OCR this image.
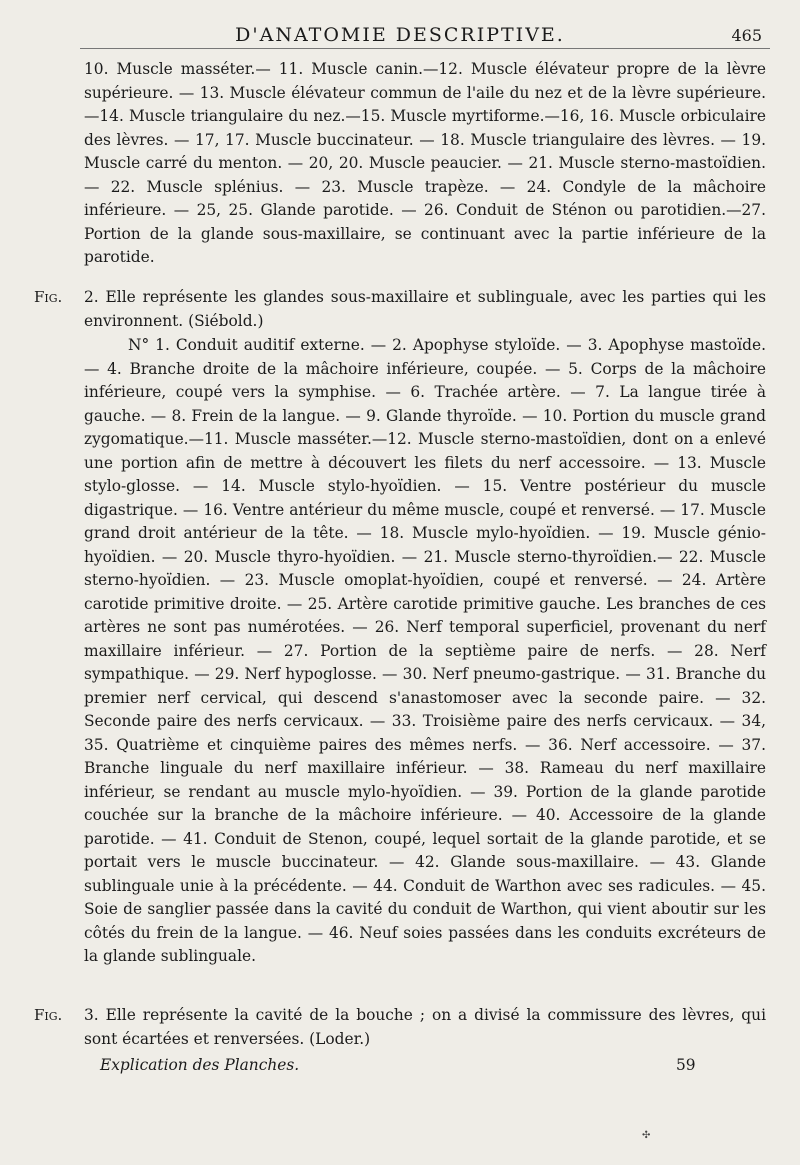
D'ANATOMIE DESCRIPTIVE.	465
10. Muscle masséter.— 11. Muscle canin.—12. Muscle élévateur propre de la lèvre supérieure. — 13. Muscle élévateur commun de l'aile du nez et de la lèvre supérieure.—14. Muscle triangulaire du nez.—15. Muscle myrtiforme.—16, 16. Muscle orbiculaire des lèvres. — 17, 17. Muscle buccinateur. — 18. Muscle triangulaire des lèvres. — 19. Muscle carré du menton. — 20, 20. Muscle peaucier. — 21. Muscle sterno-mastoïdien. — 22. Muscle splénius. — 23. Muscle trapèze. — 24. Condyle de la mâchoire inférieure. — 25, 25. Glande parotide. — 26. Conduit de Sténon ou parotidien.—27. Portion de la glande sous-maxillaire, se continuant avec la partie inférieure de la parotide.
Fig. 2. Elle représente les glandes sous-maxillaire et sublinguale, avec les parties qui les environnent. (Siébold.)
N° 1. Conduit auditif externe. — 2. Apophyse styloïde. — 3. Apophyse mastoïde. — 4. Branche droite de la mâchoire inférieure, coupée. — 5. Corps de la mâchoire inférieure, coupé vers la symphise. — 6. Trachée artère. — 7. La langue tirée à gauche. — 8. Frein de la langue. — 9. Glande thyroïde. — 10. Portion du muscle grand zygomatique.—11. Muscle masséter.—12. Muscle sterno-mastoïdien, dont on a enlevé une portion afin de mettre à découvert les filets du nerf accessoire. — 13. Muscle stylo-glosse. — 14. Muscle stylo-hyoïdien. — 15. Ventre postérieur du muscle digastrique. — 16. Ventre antérieur du même muscle, coupé et renversé. — 17. Muscle grand droit antérieur de la tête. — 18. Muscle mylo-hyoïdien. — 19. Muscle génio-hyoïdien. — 20. Muscle thyro-hyoïdien. — 21. Muscle sterno-thyroïdien.— 22. Muscle sterno-hyoïdien. — 23. Muscle omoplat-hyoïdien, coupé et renversé. — 24. Artère carotide primitive droite. — 25. Artère carotide primitive gauche. Les branches de ces artères ne sont pas numérotées. — 26. Nerf temporal superficiel, provenant du nerf maxillaire inférieur. — 27. Portion de la septième paire de nerfs. — 28. Nerf sympathique. — 29. Nerf hypoglosse. — 30. Nerf pneumo-gastrique. — 31. Branche du premier nerf cervical, qui descend s'anastomoser avec la seconde paire. — 32. Seconde paire des nerfs cervicaux. — 33. Troisième paire des nerfs cervicaux. — 34, 35. Quatrième et cinquième paires des mêmes nerfs. — 36. Nerf accessoire. — 37. Branche linguale du nerf maxillaire inférieur. — 38. Rameau du nerf maxillaire inférieur, se rendant au muscle mylo-hyoïdien. — 39. Portion de la glande parotide couchée sur la branche de la mâchoire inférieure. — 40. Accessoire de la glande parotide. — 41. Conduit de Stenon, coupé, lequel sortait de la glande parotide, et se portait vers le muscle buccinateur. — 42. Glande sous-maxillaire. — 43. Glande sublinguale unie à la précédente. — 44. Conduit de Warthon avec ses radicules. — 45. Soie de sanglier passée dans la cavité du conduit de Warthon, qui vient aboutir sur les côtés du frein de la langue. — 46. Neuf soies passées dans les conduits excréteurs de la glande sublinguale.
Fig. 3. Elle représente la cavité de la bouche ; on a divisé la commissure des lèvres, qui sont écartées et renversées. (Loder.)
Explication des Planches.	59
✣
